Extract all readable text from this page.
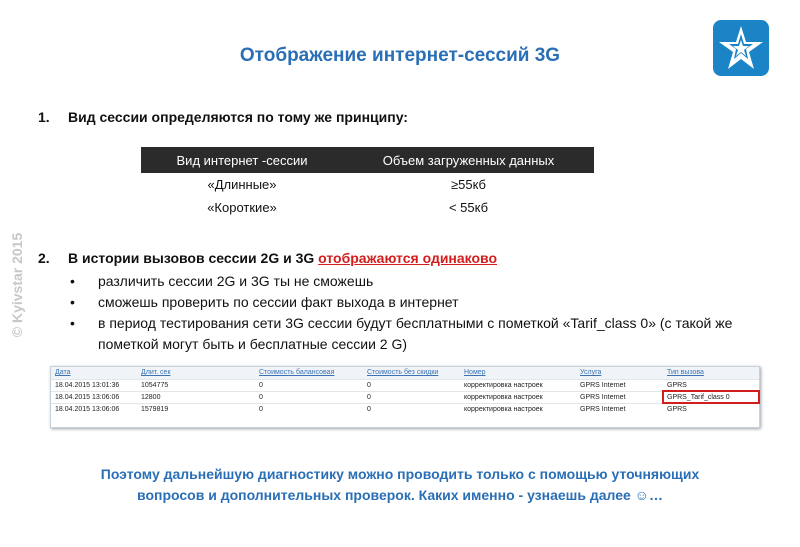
Отображение интернет-сессий 3G
© Kyivstar 2015
1. Вид сессии определяются по тому же принципу:
Вид интернет -сессии	Объем загруженных данных
«Длинные»	≥55кб
«Короткие»	< 55кб
2. В истории вызовов сессии 2G и 3G отображаются одинаково
• различить сессии 2G и 3G ты не сможешь
• сможешь проверить по сессии факт выхода в интернет
• в период тестирования сети 3G сессии будут бесплатными с пометкой «Tarif_class 0» (с такой же пометкой могут быть и бесплатные сессии 2 G)
Дата	Длит. сек	Стоимость балансовая	Стоимость без скидки	Номер	Услуга	Тип вызова
18.04.2015 13:01:36	1054775	0	0	корректировка настроек	GPRS Internet	GPRS
18.04.2015 13:06:06	12800	0	0	корректировка настроек	GPRS Internet	GPRS_Tarif_class 0
18.04.2015 13:06:06	1579819	0	0	корректировка настроек	GPRS Internet	GPRS
Поэтому дальнейшую диагностику можно проводить только с помощью уточняющих
вопросов и дополнительных проверок. Каких именно - узнаешь далее ☺…
